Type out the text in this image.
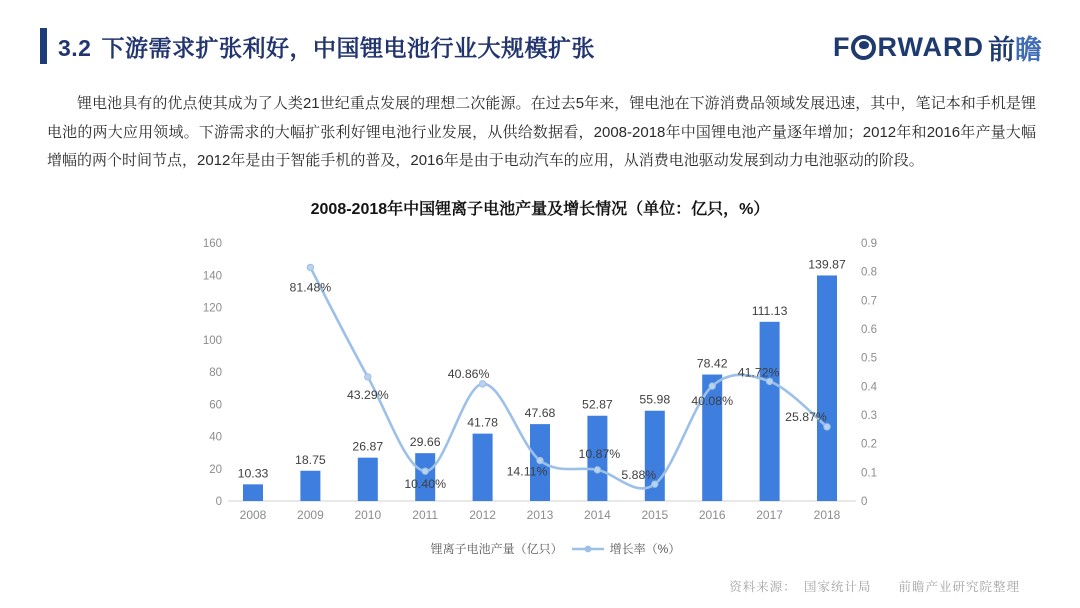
3.2 下游需求扩张利好，中国锂电池行业大规模扩张	F RWARD 前瞻
锂电池具有的优点使其成为了人类21世纪重点发展的理想二次能源。在过去5年来，锂电池在下游消费品领域发展迅速，其中，笔记本和手机是锂电池的两大应用领域。下游需求的大幅扩张利好锂电池行业发展，从供给数据看，2008-2018年中国锂电池产量逐年增加；2012年和2016年产量大幅增幅的两个时间节点，2012年是由于智能手机的普及，2016年是由于电动汽车的应用，从消费电池驱动发展到动力电池驱动的阶段。
2008-2018年中国锂离子电池产量及增长情况（单位：亿只，%）
0
20
40
60
80
100
120
140
160
0
0.1
0.2
0.3
0.4
0.5
0.6
0.7
0.8
0.9
2008	2009	2010	2011	2012	2013	2014	2015	2016	2017	2018
10.33
18.75
26.87 29.66
41.78
47.68
52.87 55.98
78.42
111.13
139.87
81.48%
43.29%
10.40%
40.86%
14.11%
10.87%
5.88%
40.08%
41.72%
25.87%
锂离子电池产量（亿只）	增长率（%）
资料来源：　国家统计局　　前瞻产业研究院整理
